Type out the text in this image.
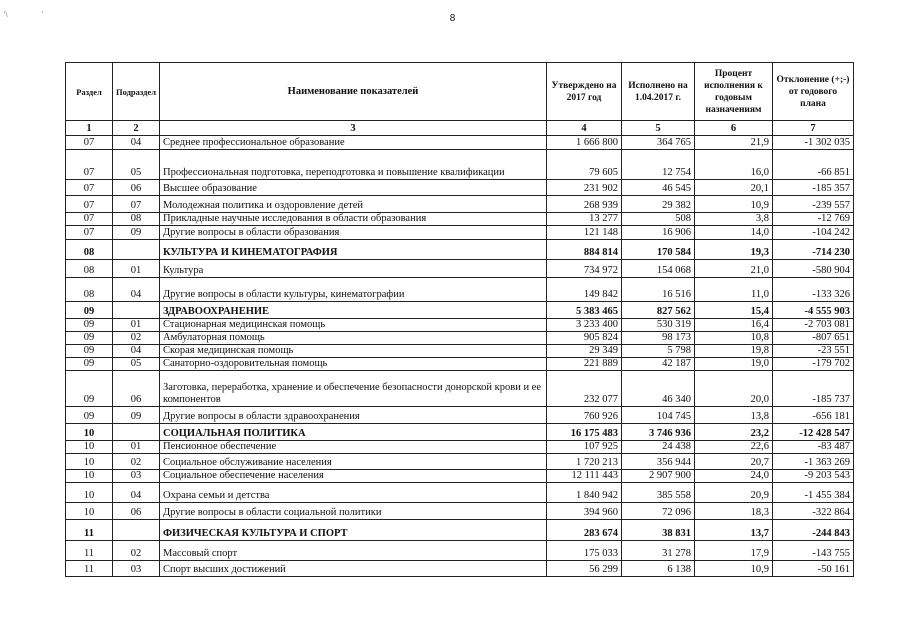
'\	'	8
Раздел	Подраздел	Наименование показателей	Утверждено на 2017 год	Исполнено на 1.04.2017 г.	Процент исполнения к годовым назначениям	Отклонение (+;-) от годового плана
1	2	3	4	5	6	7
07	04	Среднее профессиональное образование	1 666 800	364 765	21,9	-1 302 035
07	05	Профессиональная подготовка, переподготовка и повышение квалификации	79 605	12 754	16,0	-66 851
07	06	Высшее образование	231 902	46 545	20,1	-185 357
07	07	Молодежная политика и оздоровление детей	268 939	29 382	10,9	-239 557
07	08	Прикладные научные исследования в области образования	13 277	508	3,8	-12 769
07	09	Другие вопросы в области образования	121 148	16 906	14,0	-104 242
08		КУЛЬТУРА И КИНЕМАТОГРАФИЯ	884 814	170 584	19,3	-714 230
08	01	Культура	734 972	154 068	21,0	-580 904
08	04	Другие вопросы в области культуры, кинематографии	149 842	16 516	11,0	-133 326
09		ЗДРАВООХРАНЕНИЕ	5 383 465	827 562	15,4	-4 555 903
09	01	Стационарная медицинская помощь	3 233 400	530 319	16,4	-2 703 081
09	02	Амбулаторная помощь	905 824	98 173	10,8	-807 651
09	04	Скорая медицинская помощь	29 349	5 798	19,8	-23 551
09	05	Санаторно-оздоровительная помощь	221 889	42 187	19,0	-179 702
09	06	Заготовка, переработка, хранение и обеспечение безопасности донорской крови и ее компонентов	232 077	46 340	20,0	-185 737
09	09	Другие вопросы в области здравоохранения	760 926	104 745	13,8	-656 181
10		СОЦИАЛЬНАЯ ПОЛИТИКА	16 175 483	3 746 936	23,2	-12 428 547
10	01	Пенсионное обеспечение	107 925	24 438	22,6	-83 487
10	02	Социальное обслуживание населения	1 720 213	356 944	20,7	-1 363 269
10	03	Социальное обеспечение населения	12 111 443	2 907 900	24,0	-9 203 543
10	04	Охрана семьи и детства	1 840 942	385 558	20,9	-1 455 384
10	06	Другие вопросы в области социальной политики	394 960	72 096	18,3	-322 864
11		ФИЗИЧЕСКАЯ КУЛЬТУРА И СПОРТ	283 674	38 831	13,7	-244 843
11	02	Массовый спорт	175 033	31 278	17,9	-143 755
11	03	Спорт высших достижений	56 299	6 138	10,9	-50 161
